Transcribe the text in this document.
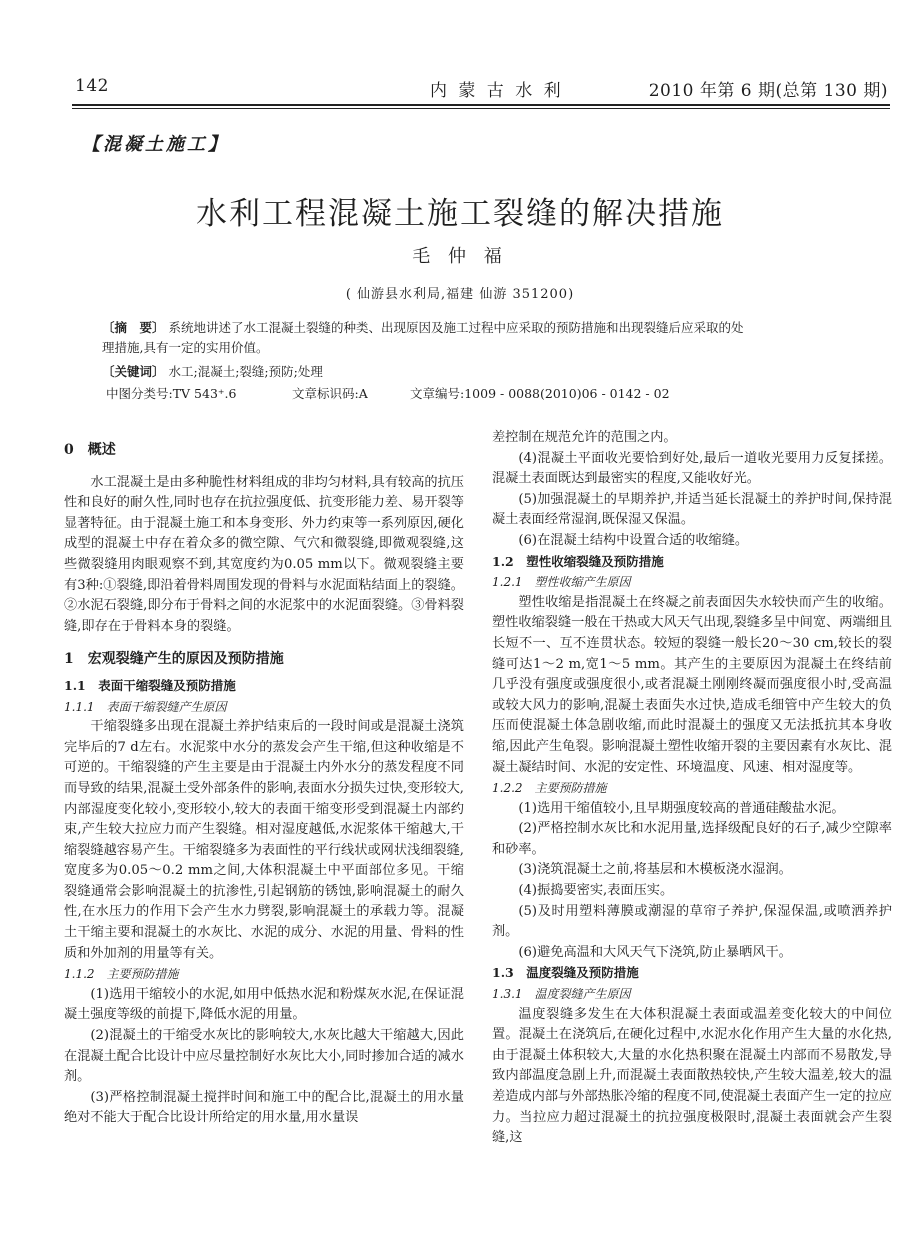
142	内 蒙 古 水 利	2010 年第 6 期(总第 130 期)
【混凝土施工】
水利工程混凝土施工裂缝的解决措施
毛 仲 福
( 仙游县水利局,福建 仙游 351200)
〔摘　要〕 系统地讲述了水工混凝土裂缝的种类、出现原因及施工过程中应采取的预防措施和出现裂缝后应采取的处
理措施,具有一定的实用价值。
〔关键词〕 水工;混凝土;裂缝;预防;处理
中图分类号:TV 543⁺.6	文章标识码:A	文章编号:1009 - 0088(2010)06 - 0142 - 02
0　概述

水工混凝土是由多种脆性材料组成的非均匀材料,具有较高的抗压性和良好的耐久性,同时也存在抗拉强度低、抗变形能力差、易开裂等显著特征。由于混凝土施工和本身变形、外力约束等一系列原因,硬化成型的混凝土中存在着众多的微空隙、气穴和微裂缝,即微观裂缝,这些微裂缝用肉眼观察不到,其宽度约为0.05 mm以下。微观裂缝主要有3种:①裂缝,即沿着骨料周围发现的骨料与水泥面粘结面上的裂缝。②水泥石裂缝,即分布于骨料之间的水泥浆中的水泥面裂缝。③骨料裂缝,即存在于骨料本身的裂缝。

1　宏观裂缝产生的原因及预防措施
1.1　表面干缩裂缝及预防措施
1.1.1　表面干缩裂缝产生原因

干缩裂缝多出现在混凝土养护结束后的一段时间或是混凝土浇筑完毕后的7 d左右。水泥浆中水分的蒸发会产生干缩,但这种收缩是不可逆的。干缩裂缝的产生主要是由于混凝土内外水分的蒸发程度不同而导致的结果,混凝土受外部条件的影响,表面水分损失过快,变形较大,内部湿度变化较小,变形较小,较大的表面干缩变形受到混凝土内部约束,产生较大拉应力而产生裂缝。相对湿度越低,水泥浆体干缩越大,干缩裂缝越容易产生。干缩裂缝多为表面性的平行线状或网状浅细裂缝,宽度多为0.05～0.2 mm之间,大体积混凝土中平面部位多见。干缩裂缝通常会影响混凝土的抗渗性,引起钢筋的锈蚀,影响混凝土的耐久性,在水压力的作用下会产生水力劈裂,影响混凝土的承载力等。混凝土干缩主要和混凝土的水灰比、水泥的成分、水泥的用量、骨料的性质和外加剂的用量等有关。

1.1.2　主要预防措施

(1)选用干缩较小的水泥,如用中低热水泥和粉煤灰水泥,在保证混凝土强度等级的前提下,降低水泥的用量。

(2)混凝土的干缩受水灰比的影响较大,水灰比越大干缩越大,因此在混凝土配合比设计中应尽量控制好水灰比大小,同时掺加合适的减水剂。

(3)严格控制混凝土搅拌时间和施工中的配合比,混凝土的用水量绝对不能大于配合比设计所给定的用水量,用水量误

差控制在规范允许的范围之内。

(4)混凝土平面收光要恰到好处,最后一道收光要用力反复揉搓。混凝土表面既达到最密实的程度,又能收好光。

(5)加强混凝土的早期养护,并适当延长混凝土的养护时间,保持混凝土表面经常湿润,既保湿又保温。

(6)在混凝土结构中设置合适的收缩缝。

1.2　塑性收缩裂缝及预防措施
1.2.1　塑性收缩产生原因

塑性收缩是指混凝土在终凝之前表面因失水较快而产生的收缩。塑性收缩裂缝一般在干热或大风天气出现,裂缝多呈中间宽、两端细且长短不一、互不连贯状态。较短的裂缝一般长20～30 cm,较长的裂缝可达1～2 m,宽1～5 mm。其产生的主要原因为混凝土在终结前几乎没有强度或强度很小,或者混凝土刚刚终凝而强度很小时,受高温或较大风力的影响,混凝土表面失水过快,造成毛细管中产生较大的负压而使混凝土体急剧收缩,而此时混凝土的强度又无法抵抗其本身收缩,因此产生龟裂。影响混凝土塑性收缩开裂的主要因素有水灰比、混凝土凝结时间、水泥的安定性、环境温度、风速、相对湿度等。

1.2.2　主要预防措施

(1)选用干缩值较小,且早期强度较高的普通硅酸盐水泥。

(2)严格控制水灰比和水泥用量,选择级配良好的石子,减少空隙率和砂率。

(3)浇筑混凝土之前,将基层和木模板浇水湿润。

(4)振捣要密实,表面压实。

(5)及时用塑料薄膜或潮湿的草帘子养护,保湿保温,或喷洒养护剂。

(6)避免高温和大风天气下浇筑,防止暴晒风干。

1.3　温度裂缝及预防措施
1.3.1　温度裂缝产生原因

温度裂缝多发生在大体积混凝土表面或温差变化较大的中间位置。混凝土在浇筑后,在硬化过程中,水泥水化作用产生大量的水化热,由于混凝土体积较大,大量的水化热积聚在混凝土内部而不易散发,导致内部温度急剧上升,而混凝土表面散热较快,产生较大温差,较大的温差造成内部与外部热胀冷缩的程度不同,使混凝土表面产生一定的拉应力。当拉应力超过混凝土的抗拉强度极限时,混凝土表面就会产生裂缝,这
